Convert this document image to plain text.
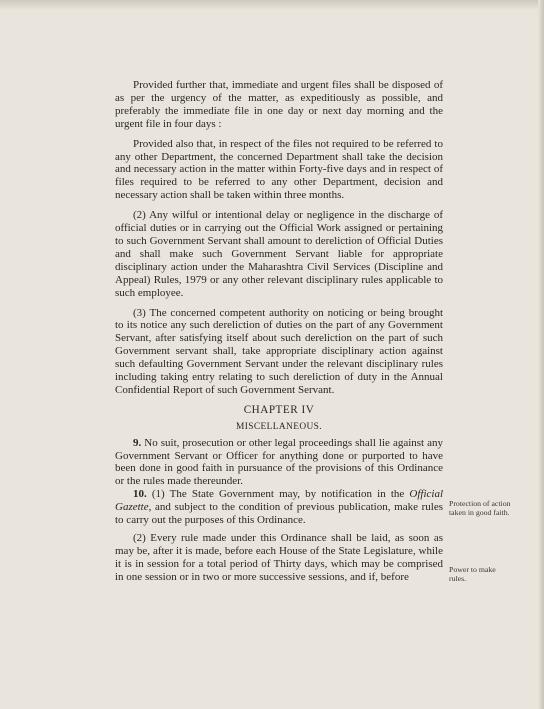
Provided further that, immediate and urgent files shall be disposed of as per the urgency of the matter, as expeditiously as possible, and preferably the immediate file in one day or next day morning and the urgent file in four days :

Provided also that, in respect of the files not required to be referred to any other Department, the concerned Department shall take the decision and necessary action in the matter within Forty-five days and in respect of files required to be referred to any other Department, decision and necessary action shall be taken within three months.

(2) Any wilful or intentional delay or negligence in the discharge of official duties or in carrying out the Official Work assigned or pertaining to such Government Servant shall amount to dereliction of Official Duties and shall make such Government Servant liable for appropriate disciplinary action under the Maharashtra Civil Services (Discipline and Appeal) Rules, 1979 or any other relevant disciplinary rules applicable to such employee.

(3) The concerned competent authority on noticing or being brought to its notice any such dereliction of duties on the part of any Government Servant, after satisfying itself about such dereliction on the part of such Government servant shall, take appropriate disciplinary action against such defaulting Government Servant under the relevant disciplinary rules including taking entry relating to such dereliction of duty in the Annual Confidential Report of such Government Servant.

CHAPTER IV
MISCELLANEOUS.

9. No suit, prosecution or other legal proceedings shall lie against any Government Servant or Officer for anything done or purported to have been done in good faith in pursuance of the provisions of this Ordinance or the rules made thereunder.

10. (1) The State Government may, by notification in the Official Gazette, and subject to the condition of previous publication, make rules to carry out the purposes of this Ordinance.

(2) Every rule made under this Ordinance shall be laid, as soon as may be, after it is made, before each House of the State Legislature, while it is in session for a total period of Thirty days, which may be comprised in one session or in two or more successive sessions, and if, before

Protection of action taken in good faith.
Power to make rules.
